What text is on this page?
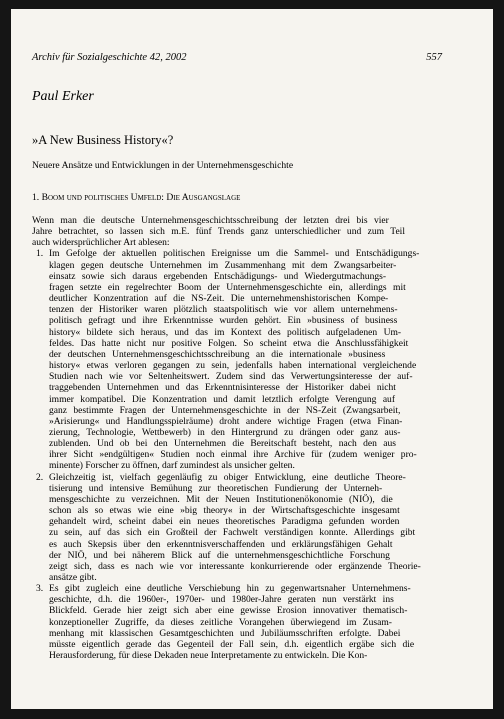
Archiv für Sozialgeschichte 42, 2002	557
Paul Erker
»A New Business History«?
Neuere Ansätze und Entwicklungen in der Unternehmensgeschichte
1. Boom und politisches Umfeld: Die Ausgangslage

Wenn man die deutsche Unternehmensgeschichtsschreibung der letzten drei bis vier
Jahre betrachtet, so lassen sich m.E. fünf Trends ganz unterschiedlicher und zum Teil
auch widersprüchlicher Art ablesen:

1. Im Gefolge der aktuellen politischen Ereignisse um die Sammel- und Entschädigungs-
klagen gegen deutsche Unternehmen im Zusammenhang mit dem Zwangsarbeiter-
einsatz sowie sich daraus ergebenden Entschädigungs- und Wiedergutmachungs-
fragen setzte ein regelrechter Boom der Unternehmensgeschichte ein, allerdings mit
deutlicher Konzentration auf die NS-Zeit. Die unternehmenshistorischen Kompe-
tenzen der Historiker waren plötzlich staatspolitisch wie vor allem unternehmens-
politisch gefragt und ihre Erkenntnisse wurden gehört. Ein »business of business
history« bildete sich heraus, und das im Kontext des politisch aufgeladenen Um-
feldes. Das hatte nicht nur positive Folgen. So scheint etwa die Anschlussfähigkeit
der deutschen Unternehmensgeschichtsschreibung an die internationale »business
history« etwas verloren gegangen zu sein, jedenfalls haben international vergleichende
Studien nach wie vor Seltenheitswert. Zudem sind das Verwertungsinteresse der auf-
traggebenden Unternehmen und das Erkenntnisinteresse der Historiker dabei nicht
immer kompatibel. Die Konzentration und damit letztlich erfolgte Verengung auf
ganz bestimmte Fragen der Unternehmensgeschichte in der NS-Zeit (Zwangsarbeit,
»Arisierung« und Handlungsspielräume) droht andere wichtige Fragen (etwa Finan-
zierung, Technologie, Wettbewerb) in den Hintergrund zu drängen oder ganz aus-
zublenden. Und ob bei den Unternehmen die Bereitschaft besteht, nach den aus
ihrer Sicht »endgültigen« Studien noch einmal ihre Archive für (zudem weniger pro-
minente) Forscher zu öffnen, darf zumindest als unsicher gelten.
2. Gleichzeitig ist, vielfach gegenläufig zu obiger Entwicklung, eine deutliche Theore-
tisierung und intensive Bemühung zur theoretischen Fundierung der Unterneh-
mensgeschichte zu verzeichnen. Mit der Neuen Institutionenökonomie (NIÖ), die
schon als so etwas wie eine »big theory« in der Wirtschaftsgeschichte insgesamt
gehandelt wird, scheint dabei ein neues theoretisches Paradigma gefunden worden
zu sein, auf das sich ein Großteil der Fachwelt verständigen konnte. Allerdings gibt
es auch Skepsis über den erkenntnisverschaffenden und erklärungsfähigen Gehalt
der NIÖ, und bei näherem Blick auf die unternehmensgeschichtliche Forschung
zeigt sich, dass es nach wie vor interessante konkurrierende oder ergänzende Theorie-
ansätze gibt.
3. Es gibt zugleich eine deutliche Verschiebung hin zu gegenwartsnaher Unternehmens-
geschichte, d.h. die 1960er-, 1970er- und 1980er-Jahre geraten nun verstärkt ins
Blickfeld. Gerade hier zeigt sich aber eine gewisse Erosion innovativer thematisch-
konzeptioneller Zugriffe, da dieses zeitliche Vorangehen überwiegend im Zusam-
menhang mit klassischen Gesamtgeschichten und Jubiläumsschriften erfolgte. Dabei
müsste eigentlich gerade das Gegenteil der Fall sein, d.h. eigentlich ergäbe sich die
Herausforderung, für diese Dekaden neue Interpretamente zu entwickeln. Die Kon-
